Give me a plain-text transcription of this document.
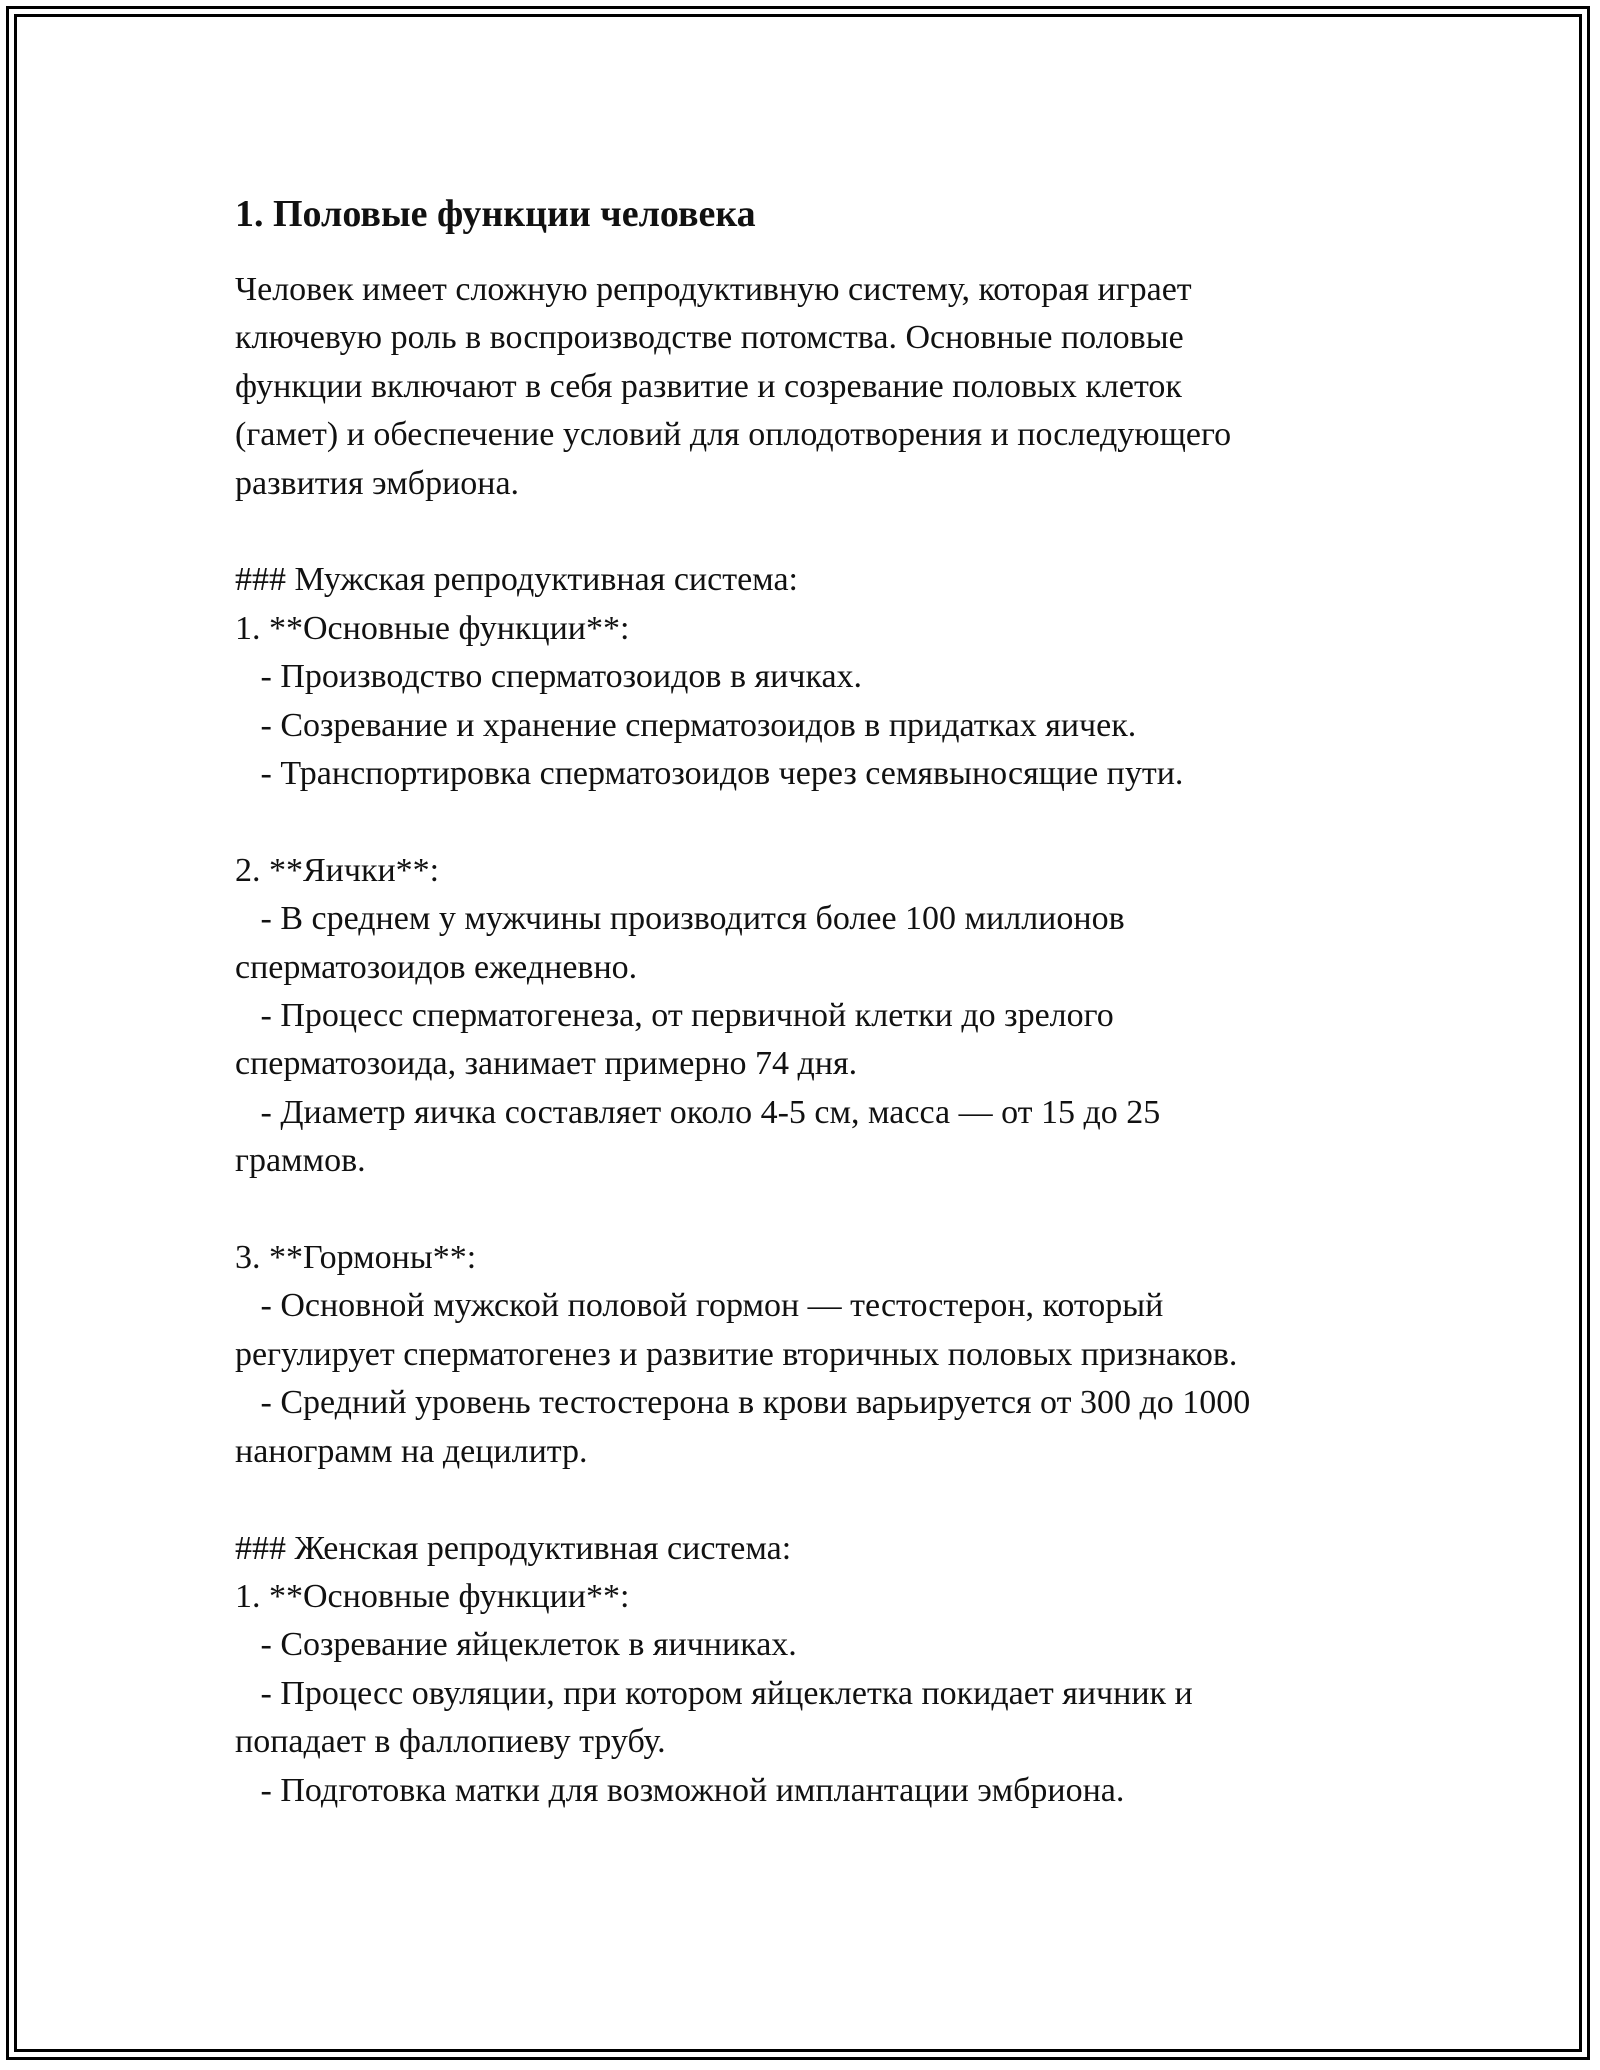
1. Половые функции человека
Человек имеет сложную репродуктивную систему, которая играет
ключевую роль в воспроизводстве потомства. Основные половые
функции включают в себя развитие и созревание половых клеток
(гамет) и обеспечение условий для оплодотворения и последующего
развития эмбриона.
### Мужская репродуктивная система:
1. **Основные функции**:
- Производство сперматозоидов в яичках.
- Созревание и хранение сперматозоидов в придатках яичек.
- Транспортировка сперматозоидов через семявыносящие пути.
2. **Яички**:
- В среднем у мужчины производится более 100 миллионов
сперматозоидов ежедневно.
- Процесс сперматогенеза, от первичной клетки до зрелого
сперматозоида, занимает примерно 74 дня.
- Диаметр яичка составляет около 4-5 см, масса — от 15 до 25
граммов.
3. **Гормоны**:
- Основной мужской половой гормон — тестостерон, который
регулирует сперматогенез и развитие вторичных половых признаков.
- Средний уровень тестостерона в крови варьируется от 300 до 1000
нанограмм на децилитр.
### Женская репродуктивная система:
1. **Основные функции**:
- Созревание яйцеклеток в яичниках.
- Процесс овуляции, при котором яйцеклетка покидает яичник и
попадает в фаллопиеву трубу.
- Подготовка матки для возможной имплантации эмбриона.
